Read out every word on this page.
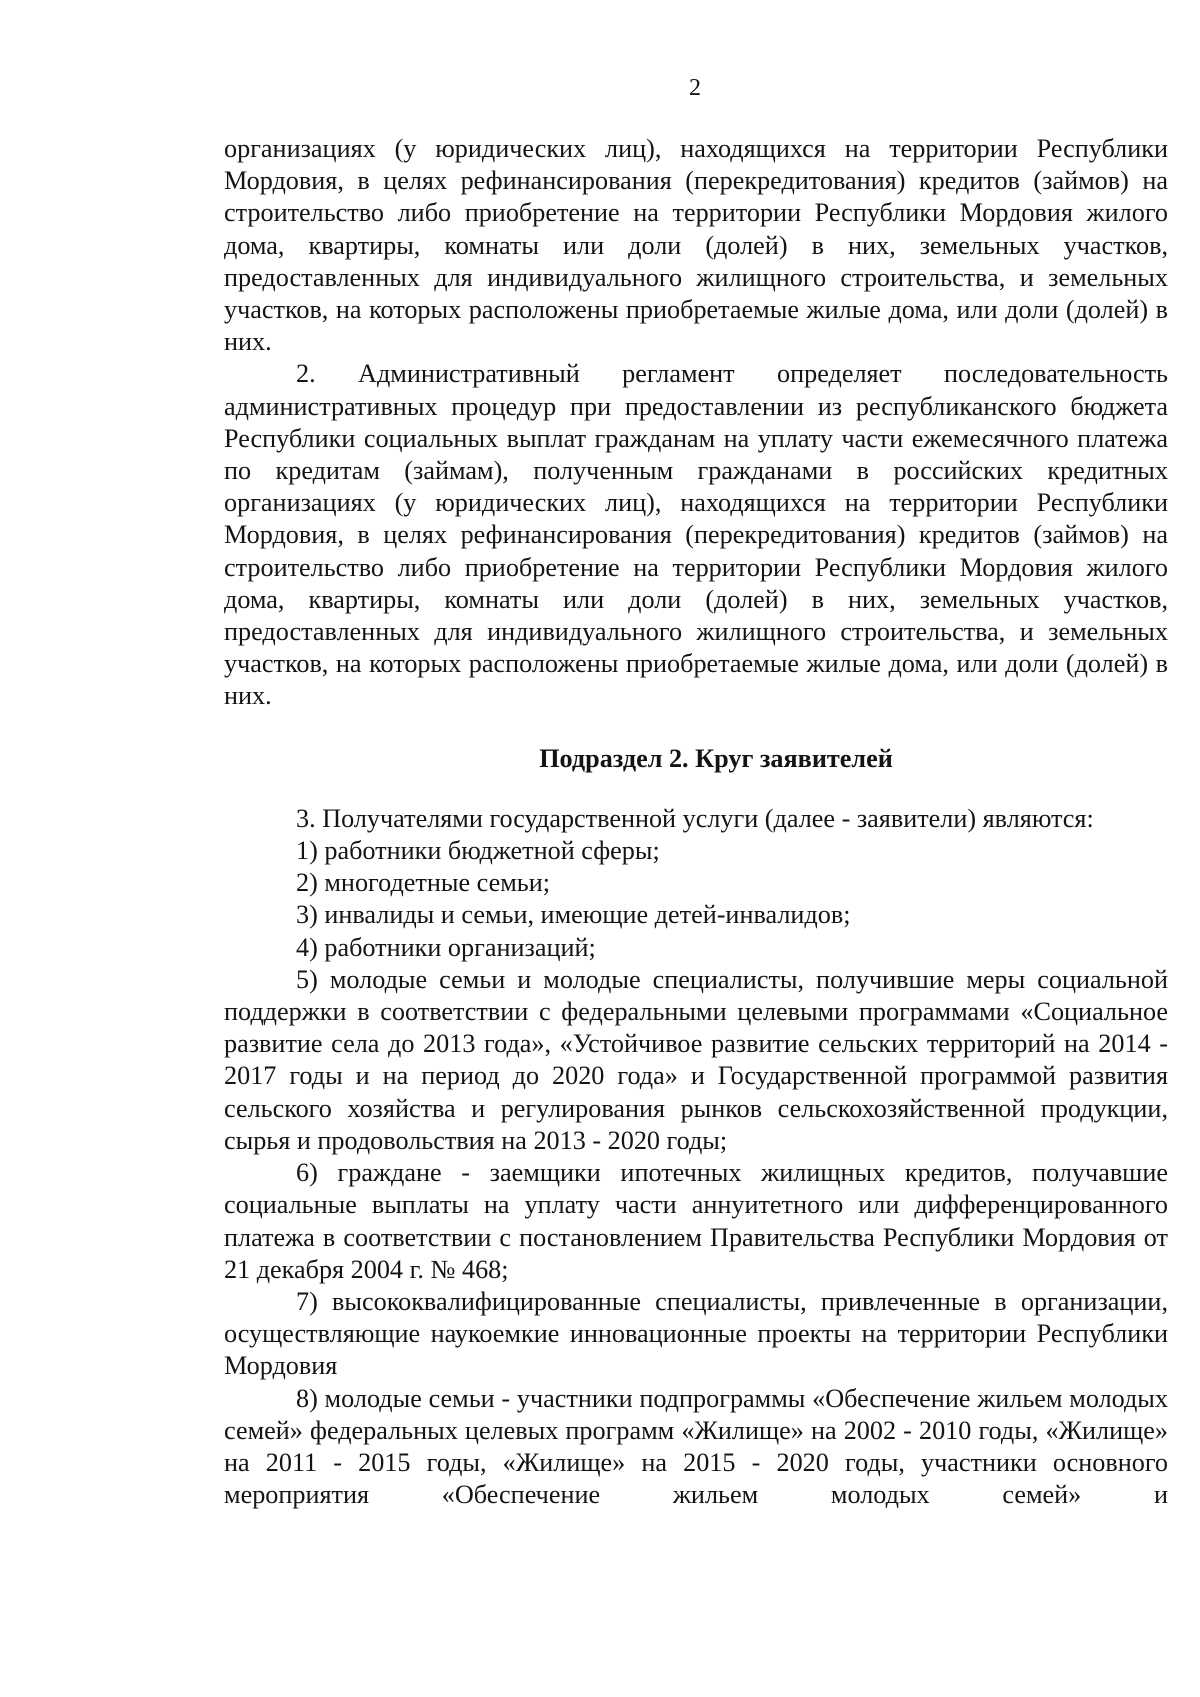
2

организациях (у юридических лиц), находящихся на территории Республики Мордовия, в целях рефинансирования (перекредитования) кредитов (займов) на строительство либо приобретение на территории Республики Мордовия жилого дома, квартиры, комнаты или доли (долей) в них, земельных участков, предоставленных для индивидуального жилищного строительства, и земельных участков, на которых расположены приобретаемые жилые дома, или доли (долей) в них.

2. Административный регламент определяет последовательность административных процедур при предоставлении из республиканского бюджета Республики социальных выплат гражданам на уплату части ежемесячного платежа по кредитам (займам), полученным гражданами в российских кредитных организациях (у юридических лиц), находящихся на территории Республики Мордовия, в целях рефинансирования (перекредитования) кредитов (займов) на строительство либо приобретение на территории Республики Мордовия жилого дома, квартиры, комнаты или доли (долей) в них, земельных участков, предоставленных для индивидуального жилищного строительства, и земельных участков, на которых расположены приобретаемые жилые дома, или доли (долей) в них.

Подраздел 2. Круг заявителей

3. Получателями государственной услуги (далее - заявители) являются:

1) работники бюджетной сферы;

2) многодетные семьи;

3) инвалиды и семьи, имеющие детей-инвалидов;

4) работники организаций;

5) молодые семьи и молодые специалисты, получившие меры социальной поддержки в соответствии с федеральными целевыми программами «Социальное развитие села до 2013 года», «Устойчивое развитие сельских территорий на 2014 - 2017 годы и на период до 2020 года» и Государственной программой развития сельского хозяйства и регулирования рынков сельскохозяйственной продукции, сырья и продовольствия на 2013 - 2020 годы;

6) граждане - заемщики ипотечных жилищных кредитов, получавшие социальные выплаты на уплату части аннуитетного или дифференцированного платежа в соответствии с постановлением Правительства Республики Мордовия от 21 декабря 2004 г. № 468;

7) высококвалифицированные специалисты, привлеченные в организации, осуществляющие наукоемкие инновационные проекты на территории Республики Мордовия

8) молодые семьи - участники подпрограммы «Обеспечение жильем молодых семей» федеральных целевых программ «Жилище» на 2002 - 2010 годы, «Жилище» на 2011 - 2015 годы, «Жилище» на 2015 - 2020 годы, участники основного мероприятия «Обеспечение жильем молодых семей» и
